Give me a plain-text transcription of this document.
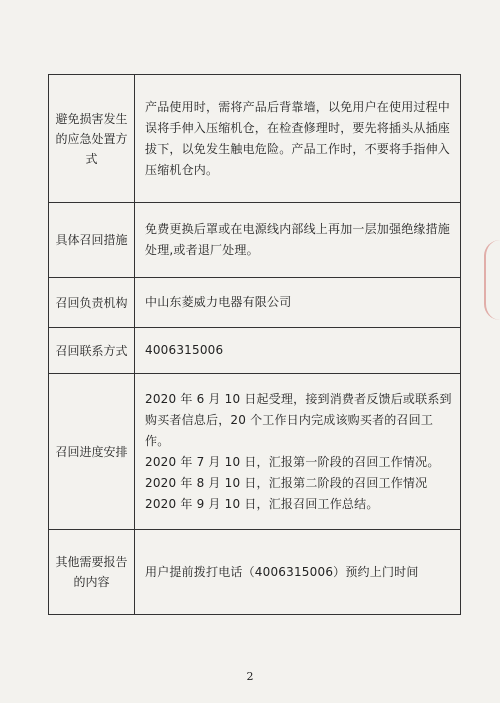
避免损害发生的应急处置方式	产品使用时，需将产品后背靠墙，以免用户在使用过程中误将手伸入压缩机仓，在检查修理时，要先将插头从插座拔下，以免发生触电危险。产品工作时，不要将手指伸入压缩机仓内。

具体召回措施	免费更换后罩或在电源线内部线上再加一层加强绝缘措施处理,或者退厂处理。

召回负责机构	中山东菱威力电器有限公司

召回联系方式	4006315006

召回进度安排	2020 年 6 月 10 日起受理，接到消费者反馈后或联系到购买者信息后，20 个工作日内完成该购买者的召回工作。
2020 年 7 月 10 日，汇报第一阶段的召回工作情况。
2020 年 8 月 10 日，汇报第二阶段的召回工作情况
2020 年 9 月 10 日，汇报召回工作总结。

其他需要报告的内容	用户提前拨打电话（4006315006）预约上门时间
2
